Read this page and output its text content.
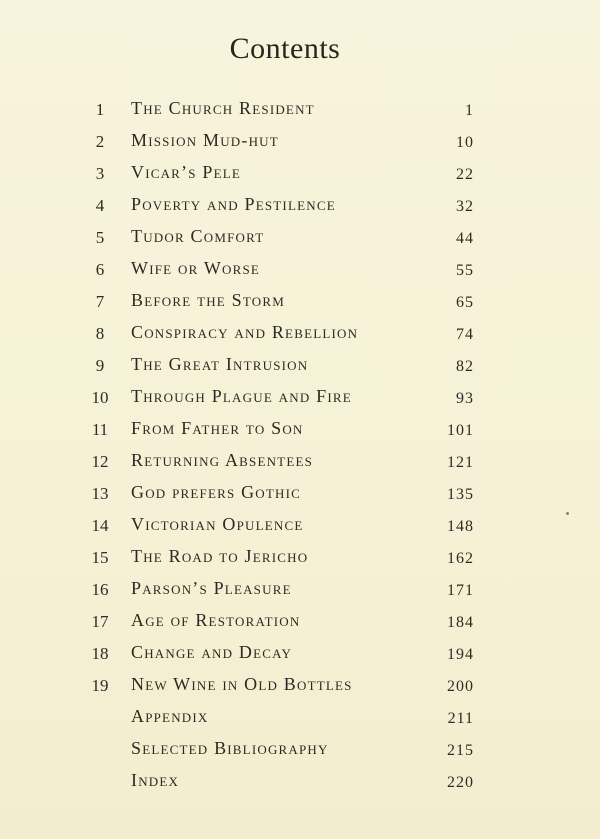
Contents
1	The Church Resident	1
2	Mission Mud-hut	10
3	Vicar’s Pele	22
4	Poverty and Pestilence	32
5	Tudor Comfort	44
6	Wife or Worse	55
7	Before the Storm	65
8	Conspiracy and Rebellion	74
9	The Great Intrusion	82
10	Through Plague and Fire	93
11	From Father to Son	101
12	Returning Absentees	121
13	God prefers Gothic	135
14	Victorian Opulence	148
15	The Road to Jericho	162
16	Parson’s Pleasure	171
17	Age of Restoration	184
18	Change and Decay	194
19	New Wine in Old Bottles	200
Appendix	211
Selected Bibliography	215
Index	220
